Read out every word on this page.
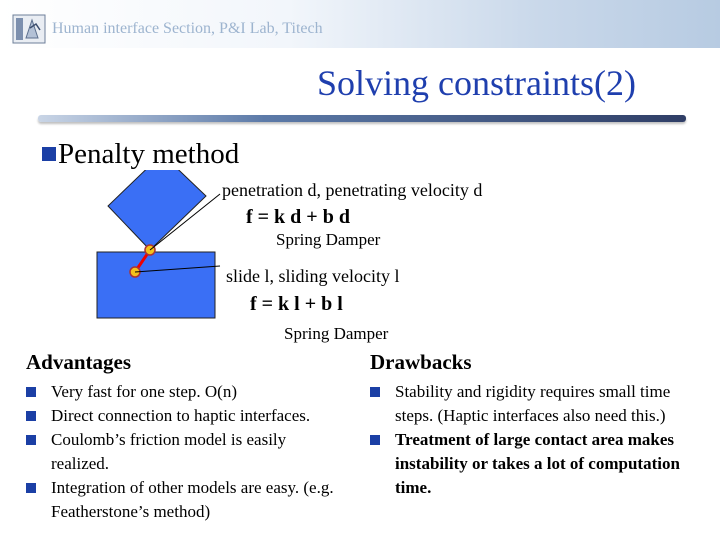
Human interface Section, P&I Lab, Titech
Solving constraints(2)
Penalty method
penetration d, penetrating velocity d
f = k d + b d
Spring Damper
slide l, sliding velocity l
f = k l + b l
Spring Damper
Advantages	Drawbacks
Very fast for one step. O(n)
Direct connection to haptic interfaces.
Coulomb’s friction model is easily realized.
Integration of other models are easy. (e.g. Featherstone’s method)
Stability and rigidity requires small time steps. (Haptic interfaces also need this.)
Treatment of large contact area makes instability or takes a lot of computation time.
